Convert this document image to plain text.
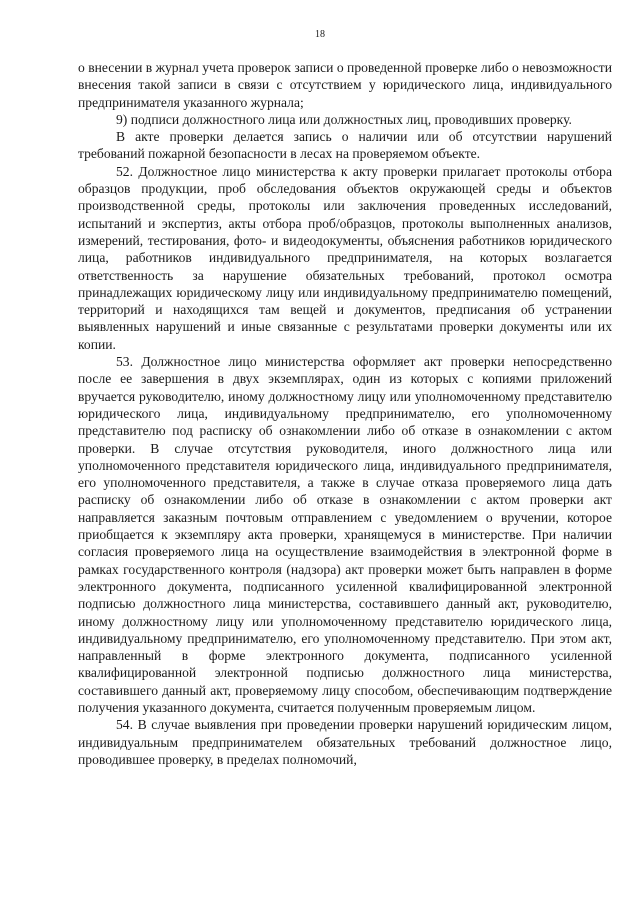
18

о внесении в журнал учета проверок записи о проведенной проверке либо о невозможности внесения такой записи в связи с отсутствием у юридического лица, индивидуального предпринимателя указанного журнала;

9) подписи должностного лица или должностных лиц, проводивших проверку.

В акте проверки делается запись о наличии или об отсутствии нарушений требований пожарной безопасности в лесах на проверяемом объекте.

52. Должностное лицо министерства к акту проверки прилагает протоколы отбора образцов продукции, проб обследования объектов окружающей среды и объектов производственной среды, протоколы или заключения проведенных исследований, испытаний и экспертиз, акты отбора проб/образцов, протоколы выполненных анализов, измерений, тестирования, фото- и видеодокументы, объяснения работников юридического лица, работников индивидуального предпринимателя, на которых возлагается ответственность за нарушение обязательных требований, протокол осмотра принадлежащих юридическому лицу или индивидуальному предпринимателю помещений, территорий и находящихся там вещей и документов, предписания об устранении выявленных нарушений и иные связанные с результатами проверки документы или их копии.

53. Должностное лицо министерства оформляет акт проверки непосредственно после ее завершения в двух экземплярах, один из которых с копиями приложений вручается руководителю, иному должностному лицу или уполномоченному представителю юридического лица, индивидуальному предпринимателю, его уполномоченному представителю под расписку об ознакомлении либо об отказе в ознакомлении с актом проверки. В случае отсутствия руководителя, иного должностного лица или уполномоченного представителя юридического лица, индивидуального предпринимателя, его уполномоченного представителя, а также в случае отказа проверяемого лица дать расписку об ознакомлении либо об отказе в ознакомлении с актом проверки акт направляется заказным почтовым отправлением с уведомлением о вручении, которое приобщается к экземпляру акта проверки, хранящемуся в министерстве. При наличии согласия проверяемого лица на осуществление взаимодействия в электронной форме в рамках государственного контроля (надзора) акт проверки может быть направлен в форме электронного документа, подписанного усиленной квалифицированной электронной подписью должностного лица министерства, составившего данный акт, руководителю, иному должностному лицу или уполномоченному представителю юридического лица, индивидуальному предпринимателю, его уполномоченному представителю. При этом акт, направленный в форме электронного документа, подписанного усиленной квалифицированной электронной подписью должностного лица министерства, составившего данный акт, проверяемому лицу способом, обеспечивающим подтверждение получения указанного документа, считается полученным проверяемым лицом.

54. В случае выявления при проведении проверки нарушений юридическим лицом, индивидуальным предпринимателем обязательных требований должностное лицо, проводившее проверку, в пределах полномочий,
